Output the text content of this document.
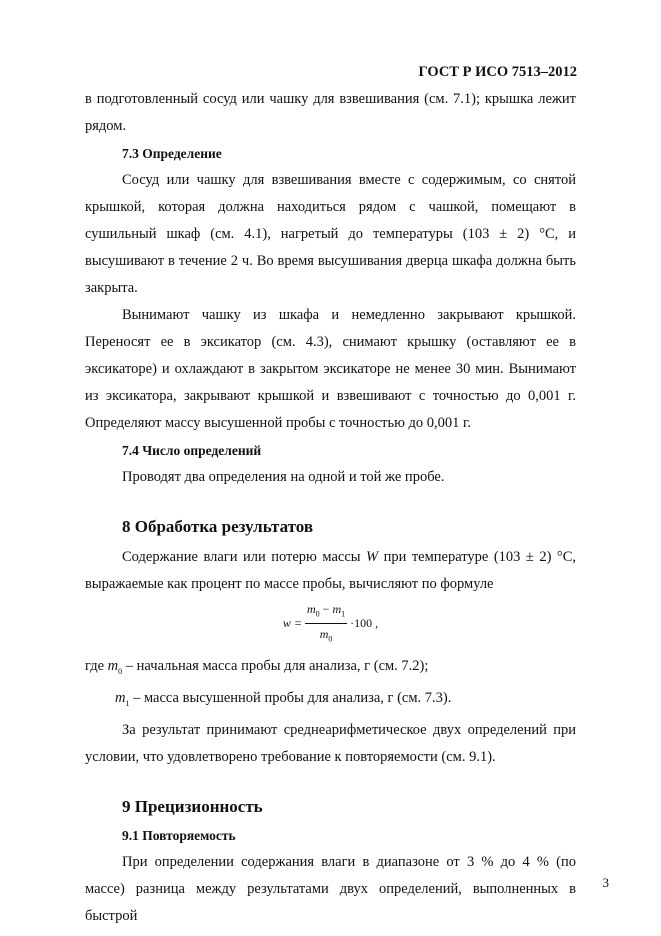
ГОСТ Р ИСО 7513–2012

в подготовленный сосуд или чашку для взвешивания (см. 7.1); крышка лежит рядом.

7.3 Определение

Сосуд или чашку для взвешивания вместе с содержимым, со снятой крышкой, которая должна находиться рядом с чашкой, помещают в сушильный шкаф (см. 4.1), нагретый до температуры (103 ± 2) °C, и высушивают в течение 2 ч. Во время высушивания дверца шкафа должна быть закрыта.

Вынимают чашку из шкафа и немедленно закрывают крышкой. Переносят ее в эксикатор (см. 4.3), снимают крышку (оставляют ее в эксикаторе) и охлаждают в закрытом эксикаторе не менее 30 мин. Вынимают из эксикатора, закрывают крышкой и взвешивают с точностью до 0,001 г. Определяют массу высушенной пробы с точностью до 0,001 г.

7.4 Число определений

Проводят два определения на одной и той же пробе.

8 Обработка результатов

Содержание влаги или потерю массы W при температуре (103 ± 2) °C, выражаемые как процент по массе пробы, вычисляют по формуле

$w = \frac{m_0 - m_1}{m_0} \cdot 100$ ,

где $m_0$ – начальная масса пробы для анализа, г (см. 7.2);

$m_1$ – масса высушенной пробы для анализа, г (см. 7.3).

За результат принимают среднеарифметическое двух определений при условии, что удовлетворено требование к повторяемости (см. 9.1).

9 Прецизионность

9.1 Повторяемость

При определении содержания влаги в диапазоне от 3 % до 4 % (по массе) разница между результатами двух определений, выполненных в быстрой

3
